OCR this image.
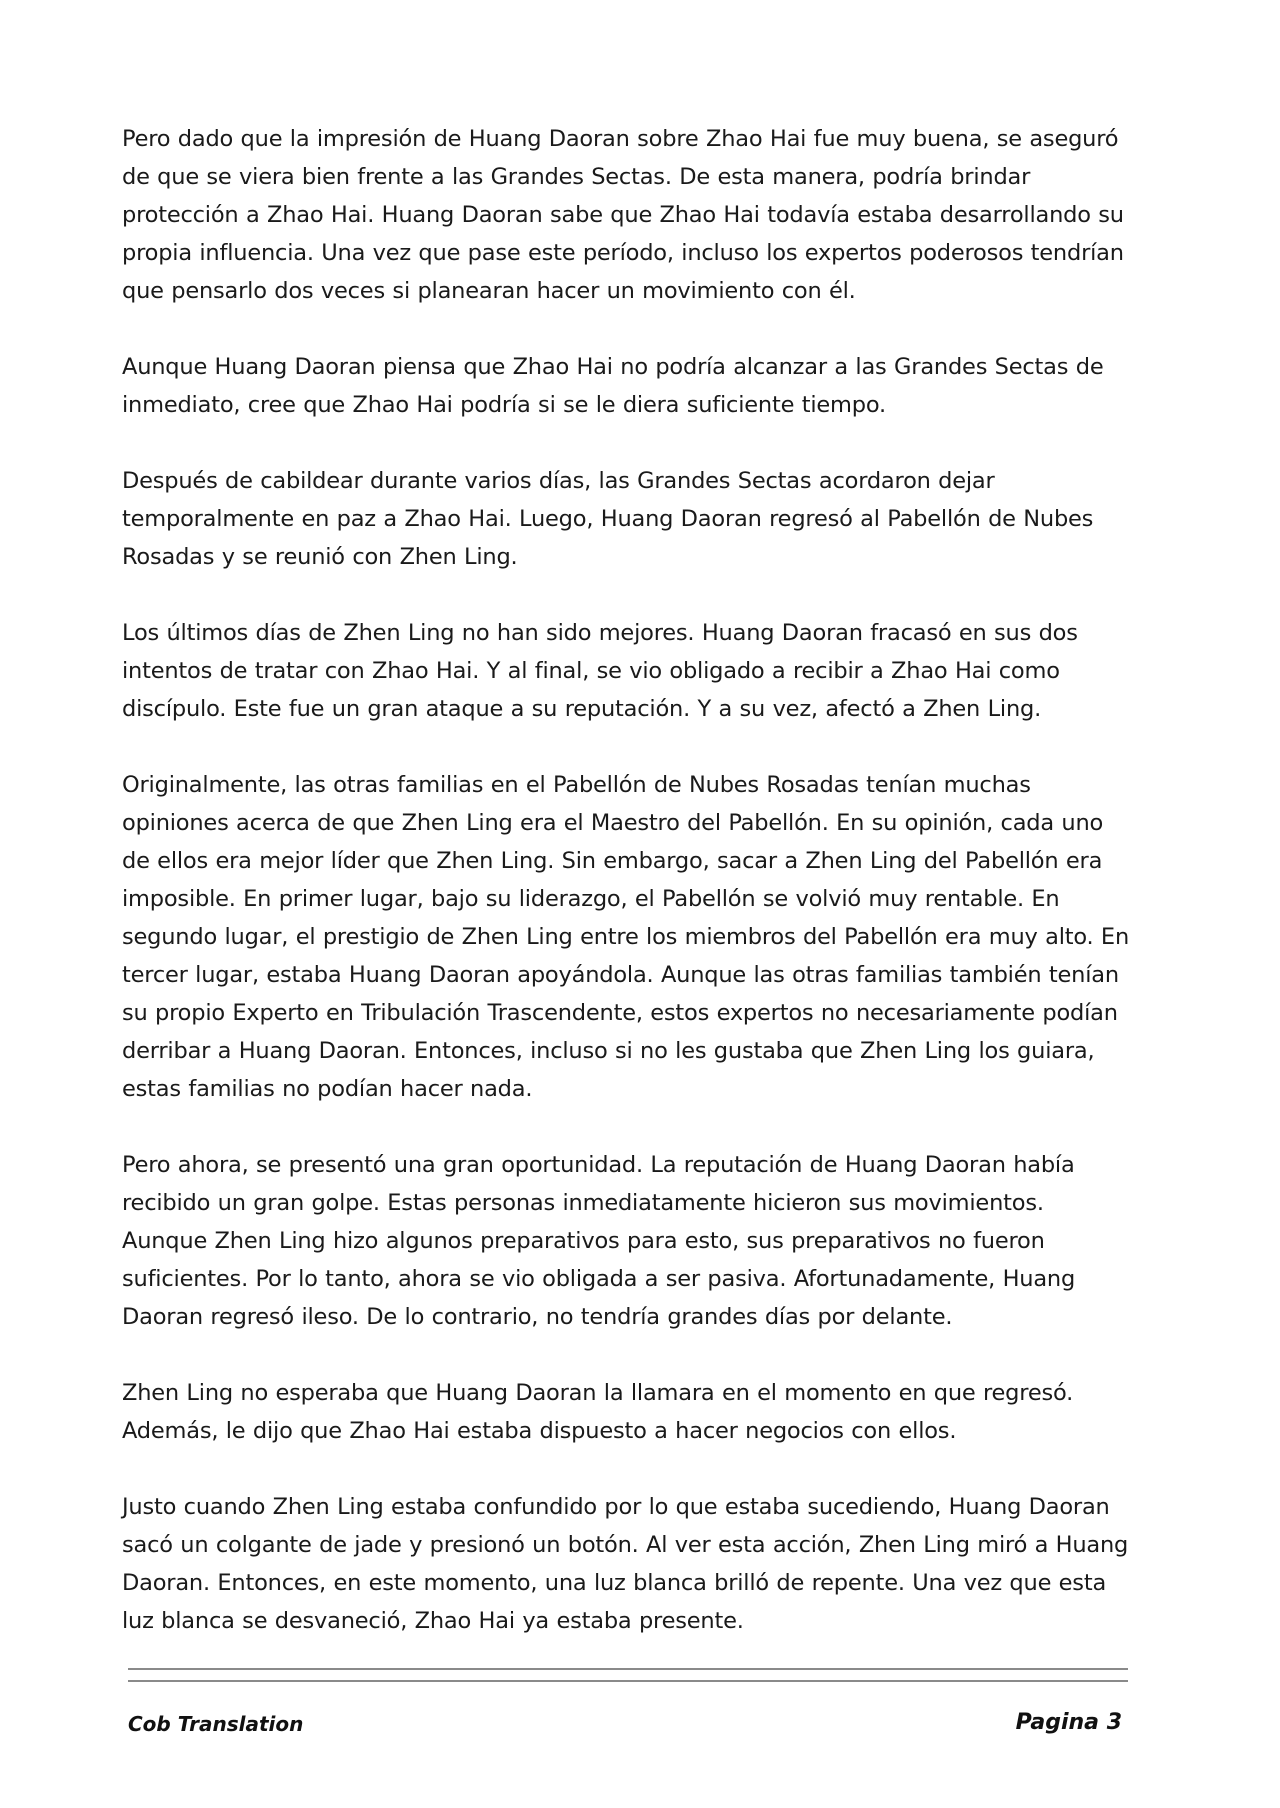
Pero dado que la impresión de Huang Daoran sobre Zhao Hai fue muy buena, se aseguró de que se viera bien frente a las Grandes Sectas. De esta manera, podría brindar protección a Zhao Hai. Huang Daoran sabe que Zhao Hai todavía estaba desarrollando su propia influencia. Una vez que pase este período, incluso los expertos poderosos tendrían que pensarlo dos veces si planearan hacer un movimiento con él.

Aunque Huang Daoran piensa que Zhao Hai no podría alcanzar a las Grandes Sectas de inmediato, cree que Zhao Hai podría si se le diera suficiente tiempo.

Después de cabildear durante varios días, las Grandes Sectas acordaron dejar temporalmente en paz a Zhao Hai. Luego, Huang Daoran regresó al Pabellón de Nubes Rosadas y se reunió con Zhen Ling.

Los últimos días de Zhen Ling no han sido mejores. Huang Daoran fracasó en sus dos intentos de tratar con Zhao Hai. Y al final, se vio obligado a recibir a Zhao Hai como discípulo. Este fue un gran ataque a su reputación. Y a su vez, afectó a Zhen Ling.

Originalmente, las otras familias en el Pabellón de Nubes Rosadas tenían muchas opiniones acerca de que Zhen Ling era el Maestro del Pabellón. En su opinión, cada uno de ellos era mejor líder que Zhen Ling. Sin embargo, sacar a Zhen Ling del Pabellón era imposible. En primer lugar, bajo su liderazgo, el Pabellón se volvió muy rentable. En segundo lugar, el prestigio de Zhen Ling entre los miembros del Pabellón era muy alto. En tercer lugar, estaba Huang Daoran apoyándola. Aunque las otras familias también tenían su propio Experto en Tribulación Trascendente, estos expertos no necesariamente podían derribar a Huang Daoran. Entonces, incluso si no les gustaba que Zhen Ling los guiara, estas familias no podían hacer nada.

Pero ahora, se presentó una gran oportunidad. La reputación de Huang Daoran había recibido un gran golpe. Estas personas inmediatamente hicieron sus movimientos. Aunque Zhen Ling hizo algunos preparativos para esto, sus preparativos no fueron suficientes. Por lo tanto, ahora se vio obligada a ser pasiva. Afortunadamente, Huang Daoran regresó ileso. De lo contrario, no tendría grandes días por delante.

Zhen Ling no esperaba que Huang Daoran la llamara en el momento en que regresó. Además, le dijo que Zhao Hai estaba dispuesto a hacer negocios con ellos.

Justo cuando Zhen Ling estaba confundido por lo que estaba sucediendo, Huang Daoran sacó un colgante de jade y presionó un botón. Al ver esta acción, Zhen Ling miró a Huang Daoran. Entonces, en este momento, una luz blanca brilló de repente. Una vez que esta luz blanca se desvaneció, Zhao Hai ya estaba presente.

Cob Translation	Pagina 3
